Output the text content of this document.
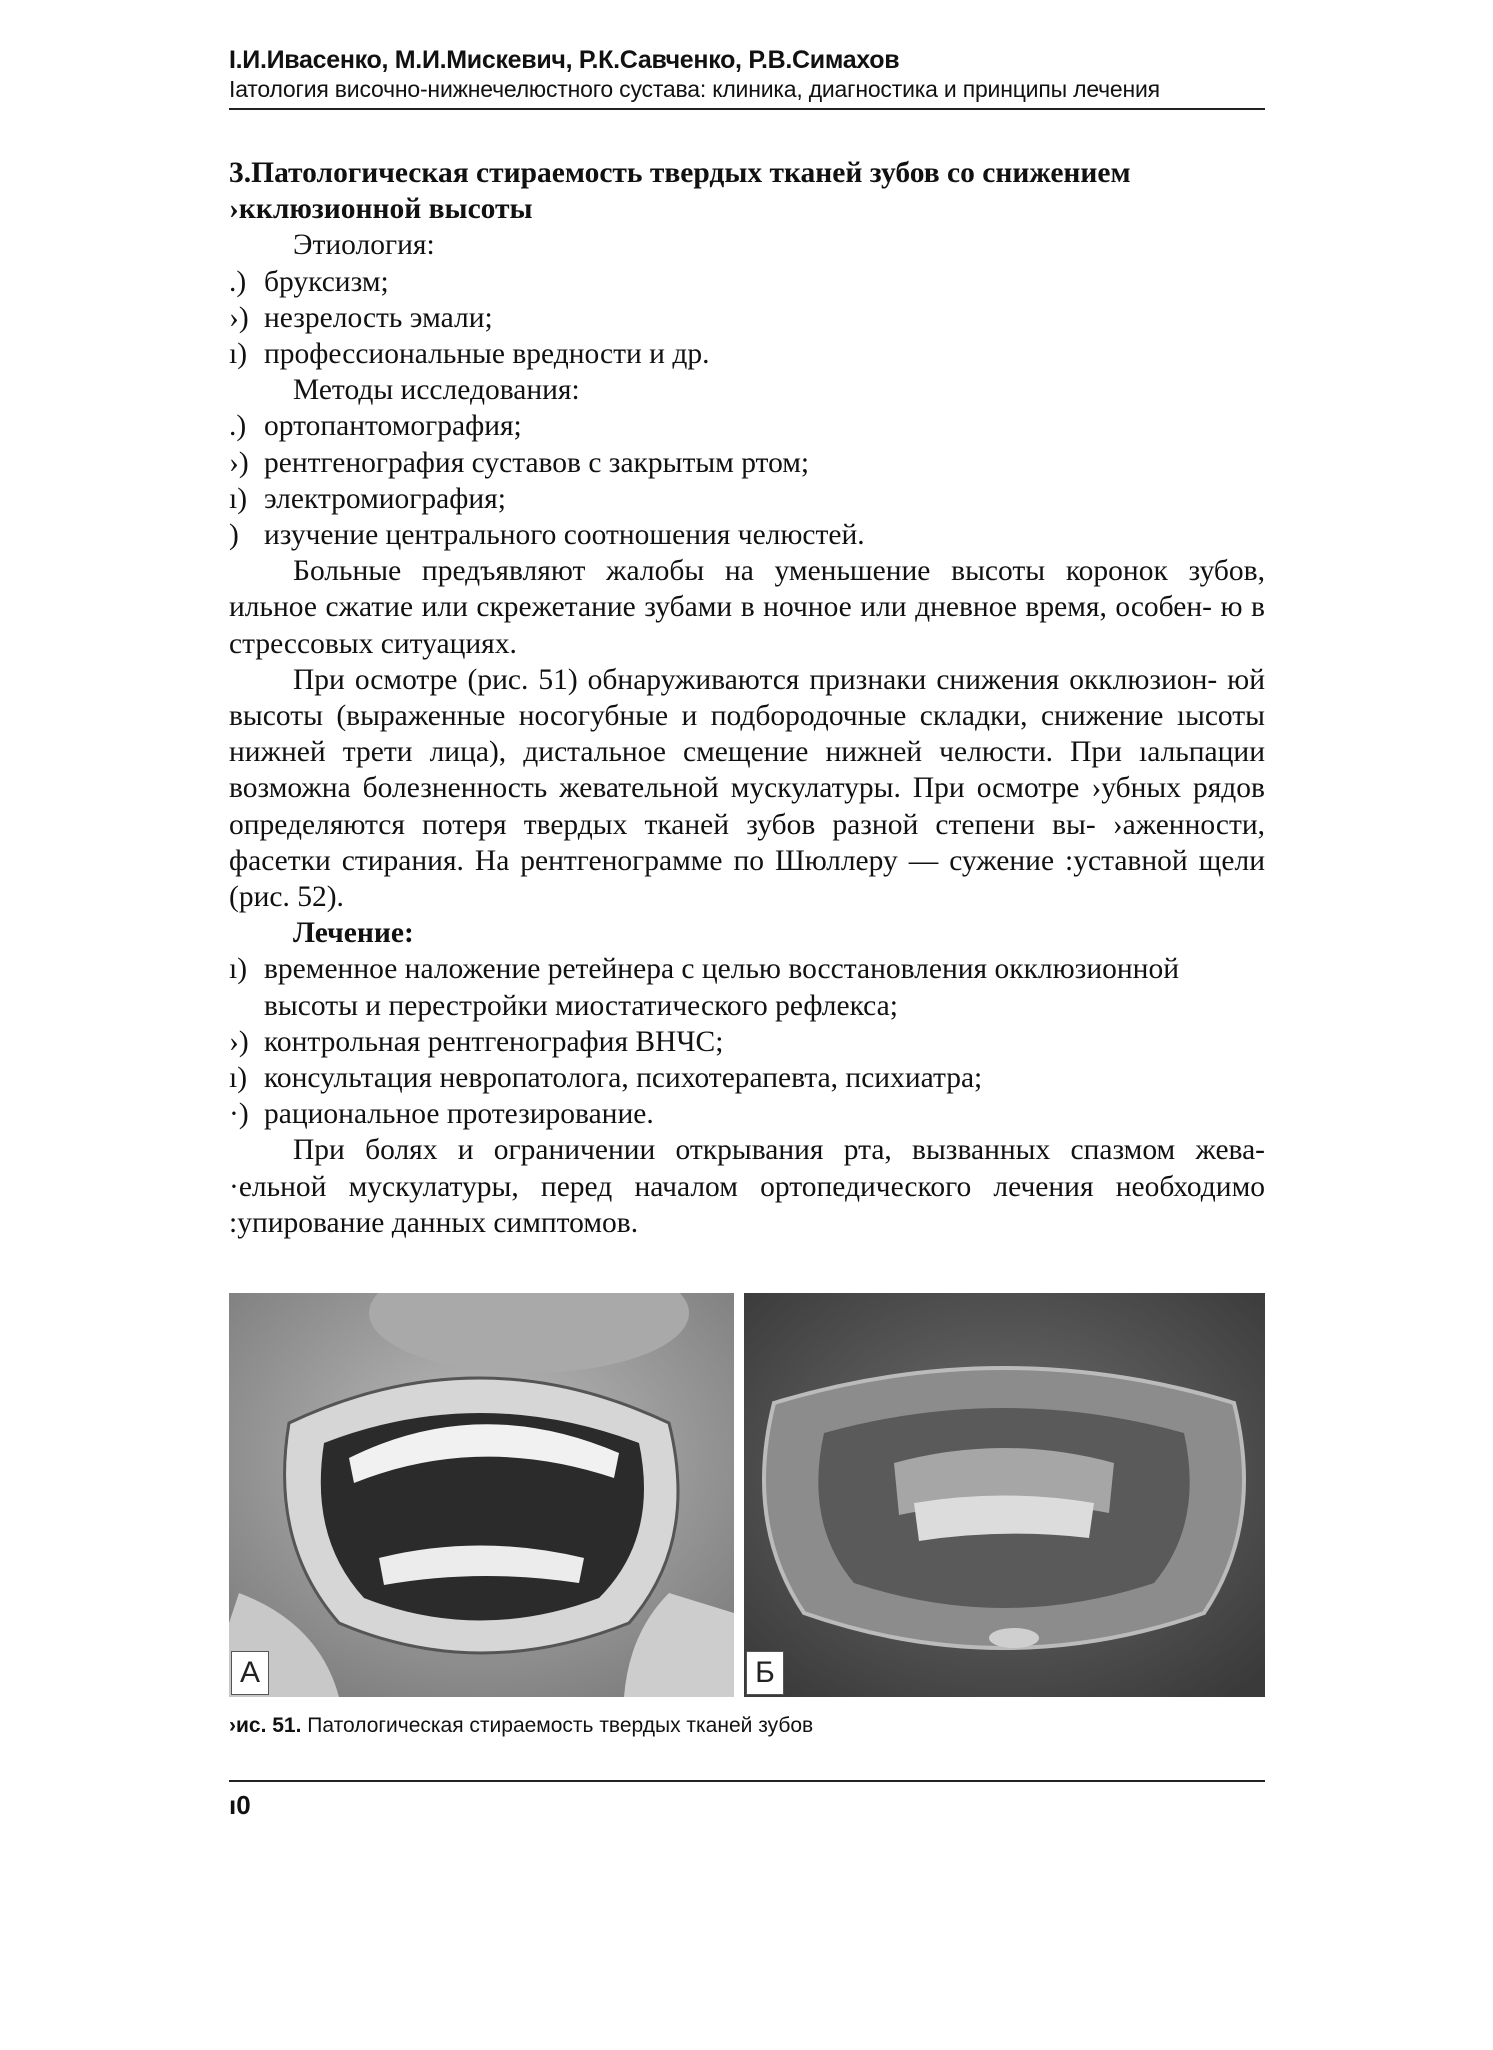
І.И.Ивасенко, М.И.Мискевич, Р.К.Савченко, Р.В.Симахов
Іатология височно-нижнечелюстного сустава: клиника, диагностика и принципы лечения

3.Патологическая стираемость твердых тканей зубов со снижением
›кклюзионной высоты

Этиология:

.) бруксизм;
›) незрелость эмали;
ı) профессиональные вредности и др.

Методы исследования:

.) ортопантомография;
›) рентгенография суставов с закрытым ртом;
ı) электромиография;
) изучение центрального соотношения челюстей.

Больные предъявляют жалобы на уменьшение высоты коронок зубов, ильное сжатие или скрежетание зубами в ночное или дневное время, особен- ю в стрессовых ситуациях.

При осмотре (рис. 51) обнаруживаются признаки снижения окклюзион- юй высоты (выраженные носогубные и подбородочные складки, снижение ıысоты нижней трети лица), дистальное смещение нижней челюсти. При ıальпации возможна болезненность жевательной мускулатуры. При осмотре ›убных рядов определяются потеря твердых тканей зубов разной степени вы- ›аженности, фасетки стирания. На рентгенограмме по Шюллеру — сужение :уставной щели (рис. 52).

Лечение:

ı) временное наложение ретейнера с целью восстановления окклюзионной высоты и перестройки миостатического рефлекса;
›) контрольная рентгенография ВНЧС;
ı) консультация невропатолога, психотерапевта, психиатра;
·) рациональное протезирование.

При болях и ограничении открывания рта, вызванных спазмом жева- ·ельной мускулатуры, перед началом ортопедического лечения необходимо :упирование данных симптомов.

А	Б
›ис. 51. Патологическая стираемость твердых тканей зубов
ı0
